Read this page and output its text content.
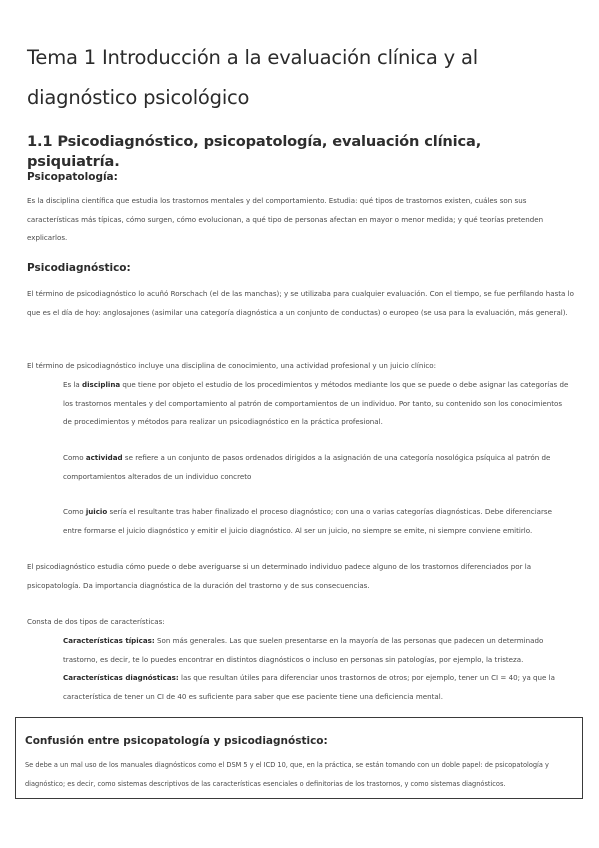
Tema 1 Introducción a la evaluación clínica y al diagnóstico psicológico
1.1 Psicodiagnóstico, psicopatología, evaluación clínica, psiquiatría.
Psicopatología:

Es la disciplina científica que estudia los trastornos mentales y del comportamiento. Estudia: qué tipos de trastornos existen, cuáles son sus características más típicas, cómo surgen, cómo evolucionan, a qué tipo de personas afectan en mayor o menor medida; y qué teorías pretenden explicarlos.

Psicodiagnóstico:

El término de psicodiagnóstico lo acuñó Rorschach (el de las manchas); y se utilizaba para cualquier evaluación. Con el tiempo, se fue perfilando hasta lo que es el día de hoy: anglosajones (asimilar una categoría diagnóstica a un conjunto de conductas) o europeo (se usa para la evaluación, más general).

El término de psicodiagnóstico incluye una disciplina de conocimiento, una actividad profesional y un juicio clínico:

Es la disciplina que tiene por objeto el estudio de los procedimientos y métodos mediante los que se puede o debe asignar las categorías de los trastornos mentales y del comportamiento al patrón de comportamientos de un individuo. Por tanto, su contenido son los conocimientos de procedimientos y métodos para realizar un psicodiagnóstico en la práctica profesional.

Como actividad se refiere a un conjunto de pasos ordenados dirigidos a la asignación de una categoría nosológica psíquica al patrón de comportamientos alterados de un individuo concreto

Como juicio sería el resultante tras haber finalizado el proceso diagnóstico; con una o varias categorías diagnósticas. Debe diferenciarse entre formarse el juicio diagnóstico y emitir el juicio diagnóstico. Al ser un juicio, no siempre se emite, ni siempre conviene emitirlo.

El psicodiagnóstico estudia cómo puede o debe averiguarse si un determinado individuo padece alguno de los trastornos diferenciados por la psicopatología. Da importancia diagnóstica de la duración del trastorno y de sus consecuencias.

Consta de dos tipos de características:

Características típicas: Son más generales. Las que suelen presentarse en la mayoría de las personas que padecen un determinado trastorno, es decir, te lo puedes encontrar en distintos diagnósticos o incluso en personas sin patologías, por ejemplo, la tristeza.

Características diagnósticas: las que resultan útiles para diferenciar unos trastornos de otros; por ejemplo, tener un CI = 40; ya que la característica de tener un CI de 40 es suficiente para saber que ese paciente tiene una deficiencia mental.

Confusión entre psicopatología y psicodiagnóstico:

Se debe a un mal uso de los manuales diagnósticos como el DSM 5 y el ICD 10, que, en la práctica, se están tomando con un doble papel: de psicopatología y diagnóstico; es decir, como sistemas descriptivos de las características esenciales o definitorias de los trastornos, y como sistemas diagnósticos.
